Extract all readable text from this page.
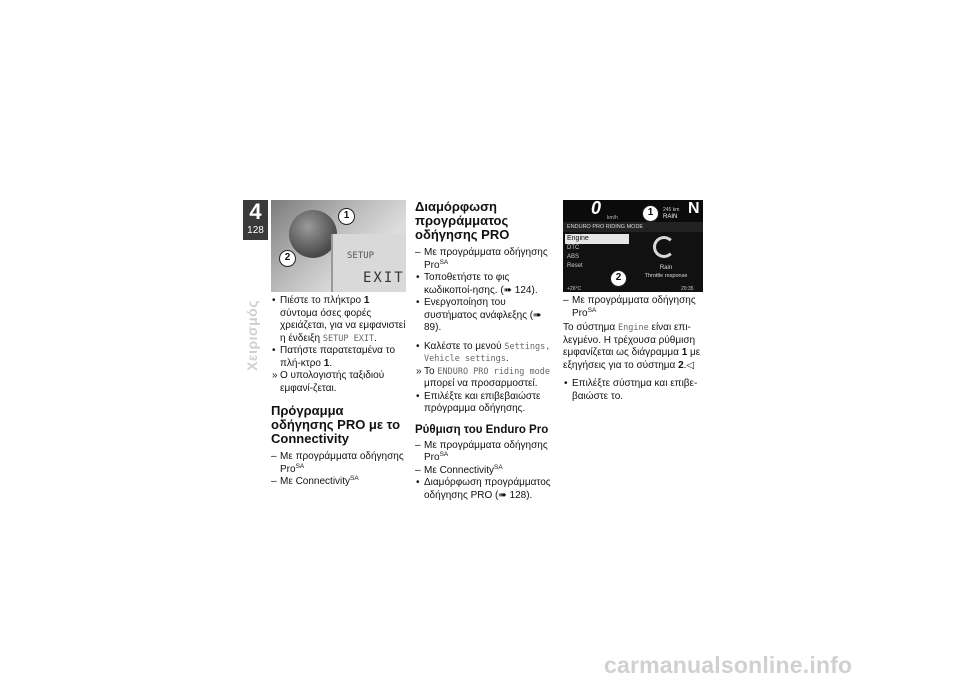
4
128
Χειρισμός
SETUP
EXIT
1
2
• Πιέστε το πλήκτρο 1 σύντομα όσες φορές χρειάζεται, για να εμφανιστεί η ένδειξη SETUP EXIT.
• Πατήστε παρατεταμένα το πλή-κτρο 1.
» Ο υπολογιστής ταξιδιού εμφανί-ζεται.
Πρόγραμμα οδήγησης PRO με το Connectivity
– Με προγράμματα οδήγησης Pro$^{SA}$
– Με Connectivity$^{SA}$
Διαμόρφωση προγράμματος οδήγησης PRO
– Με προγράμματα οδήγησης Pro$^{SA}$
• Τοποθετήστε το φις κωδικοποί-ησης. (➠ 124).
• Ενεργοποίηση του συστήματος ανάφλεξης (➠ 89).
• Καλέστε το μενού Settings, Vehicle settings.
» Το ENDURO PRO riding mode μπορεί να προσαρμοστεί.
• Επιλέξτε και επιβεβαιώστε πρόγραμμα οδήγησης.
Ρύθμιση του Enduro Pro
– Με προγράμματα οδήγησης Pro$^{SA}$
– Με Connectivity$^{SA}$
• Διαμόρφωση προγράμματος οδήγησης PRO (➠ 128).
0 km/h
245 km
RAIN N
ENDURO PRO RIDING MODE
Engine
DTC
ABS
Reset	Rain
Throttle response
+26°C	20:35
1
2
– Με προγράμματα οδήγησης Pro$^{SA}$

Το σύστημα Engine είναι επι-λεγμένο. Η τρέχουσα ρύθμιση εμφανίζεται ως διάγραμμα 1 με εξηγήσεις για το σύστημα 2.◁

• Επιλέξτε σύστημα και επιβε-βαιώστε το.
carmanualsonline.info
